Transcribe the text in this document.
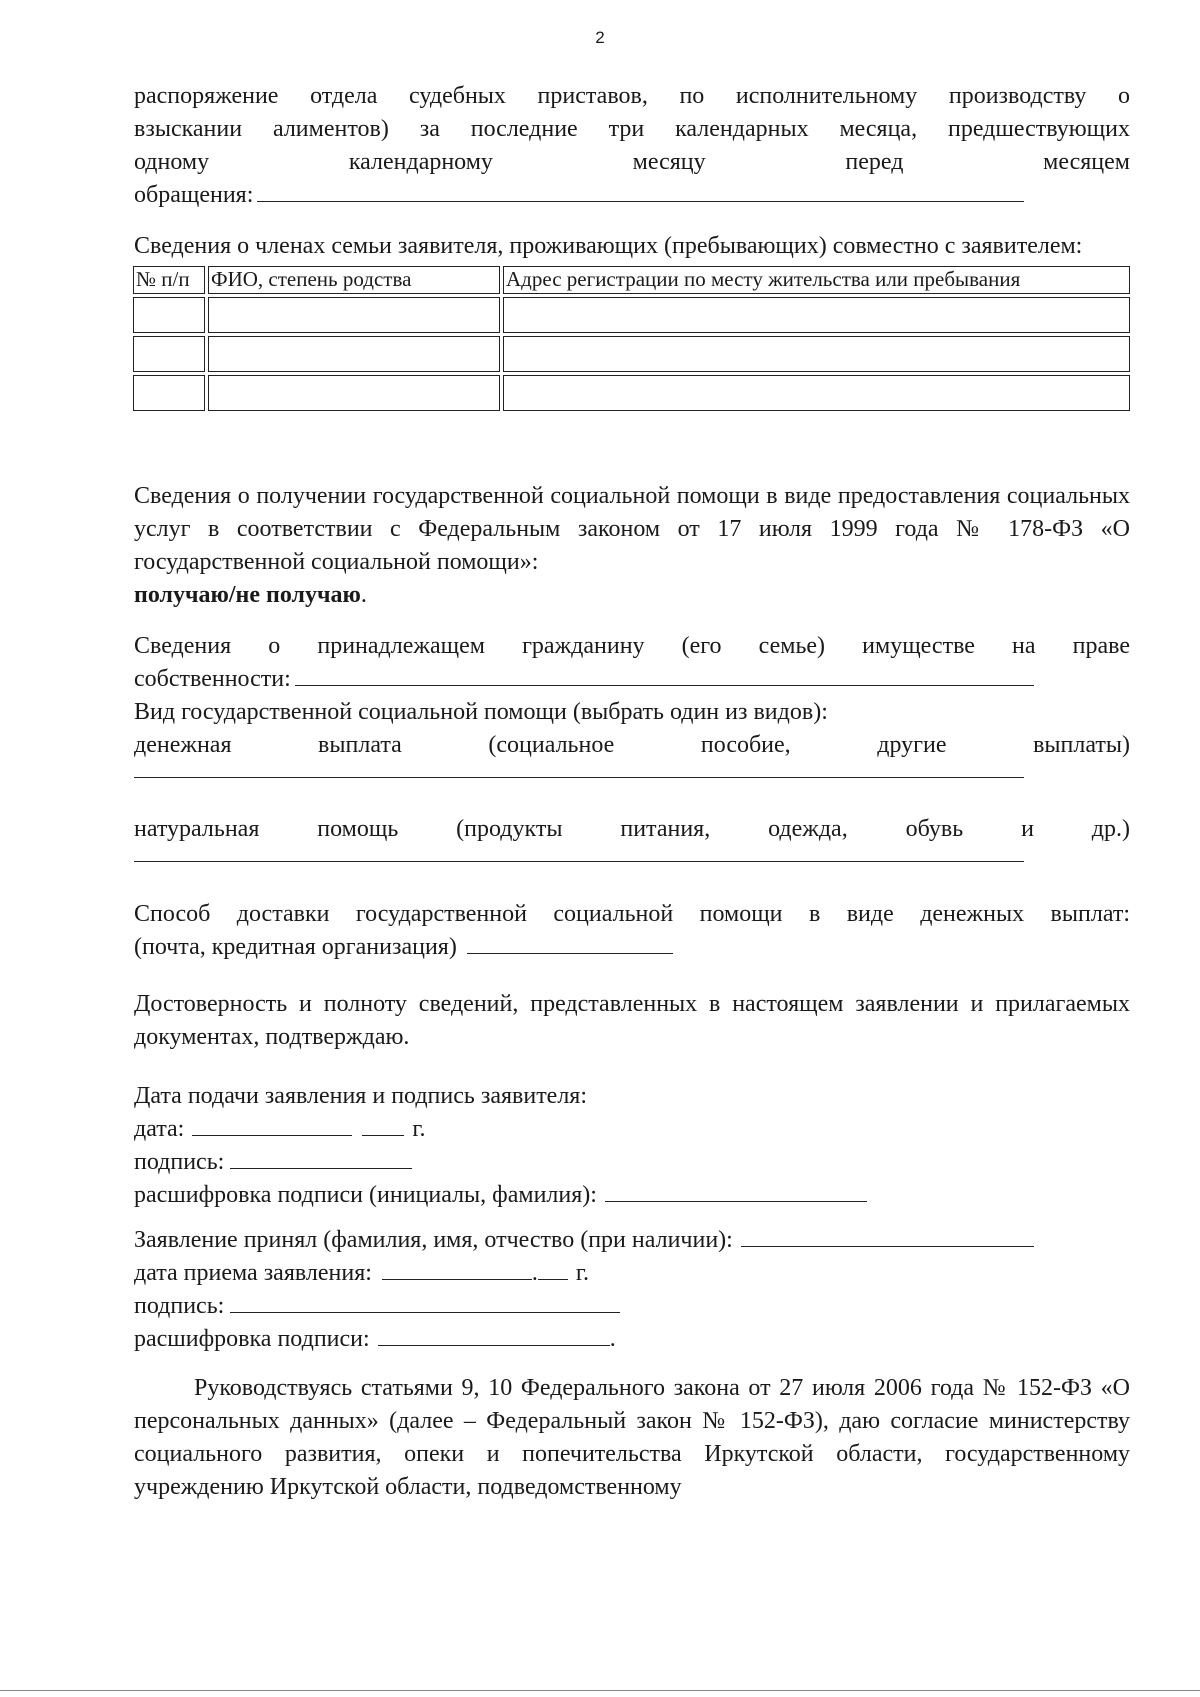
2
распоряжение отдела судебных приставов, по исполнительному производству о
взыскании алиментов) за последние три календарных месяца, предшествующих
одному календарному месяцу перед месяцем
обращения:
Сведения о членах семьи заявителя, проживающих (пребывающих) совместно с заявителем:
№ п/п	ФИО, степень родства	Адрес регистрации по месту жительства или пребывания

Сведения о получении государственной социальной помощи в виде предоставления социальных услуг в соответствии с Федеральным законом от 17 июля 1999 года № 178-ФЗ «О государственной социальной помощи»:
получаю/не получаю.
Сведения о принадлежащем гражданину (его семье) имуществе на праве
собственности:
Вид государственной социальной помощи (выбрать один из видов):
денежная выплата (социальное пособие, другие выплаты)
натуральная помощь (продукты питания, одежда, обувь и др.)
Способ доставки государственной социальной помощи в виде денежных выплат:
(почта, кредитная организация)
Достоверность и полноту сведений, представленных в настоящем заявлении и прилагаемых документах, подтверждаю.
Дата подачи заявления и подпись заявителя:
дата:	г.
подпись:
расшифровка подписи (инициалы, фамилия):
Заявление принял (фамилия, имя, отчество (при наличии):
дата приема заявления:	. г.
подпись:
расшифровка подписи:	.
Руководствуясь статьями 9, 10 Федерального закона от 27 июля 2006 года № 152-ФЗ «О персональных данных» (далее – Федеральный закон № 152-ФЗ), даю согласие министерству социального развития, опеки и попечительства Иркутской области, государственному учреждению Иркутской области, подведомственному
